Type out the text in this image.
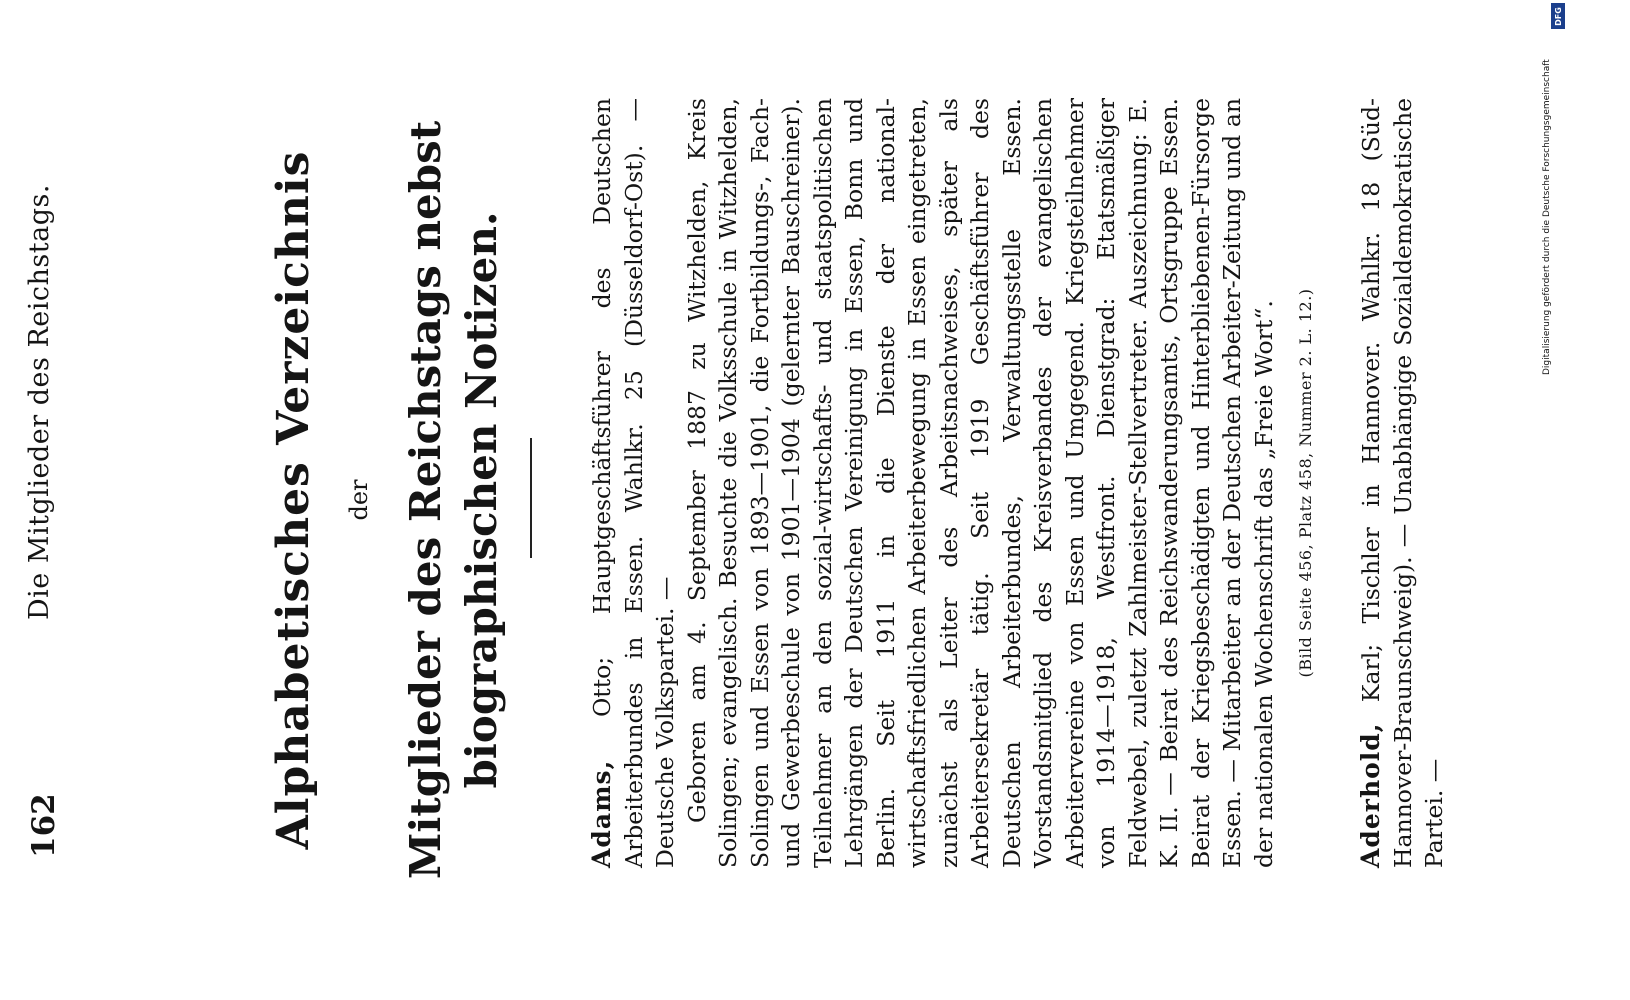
162
Die Mitglieder des Reichstags.	Alphabetisches Verzeichnis der Mitglieder des Reichstags nebst biographischen Notizen.

Adams, Otto; Hauptgeschäftsführer des Deutschen Arbeiterbundes in Essen. Wahlkr. 25 (Düsseldorf-Ost). — Deutsche Volkspartei. — Geboren am 4. September 1887 zu Witzhelden, Kreis Solingen; evangelisch. Besuchte die Volksschule in Witzhelden, Solingen und Essen von 1893—1901, die Fortbildungs-, Fach- und Gewerbeschule von 1901—1904 (gelernter Bauschreiner). Teilnehmer an den sozial-wirtschafts- und staatspolitischen Lehrgängen der Deutschen Vereinigung in Essen, Bonn und Berlin. Seit 1911 in die Dienste der national-wirtschaftsfriedlichen Arbeiterbewegung in Essen eingetreten, zunächst als Leiter des Arbeitsnachweises, später als Arbeitersekretär tätig. Seit 1919 Geschäftsführer des Deutschen Arbeiterbundes, Verwaltungsstelle Essen. Vorstandsmitglied des Kreisverbandes der evangelischen Arbeitervereine von Essen und Umgegend. Kriegsteilnehmer von 1914—1918, Westfront. Dienstgrad: Etatsmäßiger Feldwebel, zuletzt Zahlmeister-Stellvertreter. Auszeichnung: E. K. II. — Beirat des Reichswanderungsamts, Ortsgruppe Essen. Beirat der Kriegsbeschädigten und Hinterbliebenen-Fürsorge Essen. — Mitarbeiter an der Deutschen Arbeiter-Zeitung und an der nationalen Wochenschrift das „Freie Wort“.	(Bild Seite 456, Platz 458, Nummer 2. L. 12.)

Aderhold, Karl; Tischler in Hannover. Wahlkr. 18 (Süd-Hannover-Braunschweig). — Unabhängige Sozialdemokratische Partei. —

DFG
Digitalisierung gefördert durch die Deutsche Forschungsgemeinschaft
